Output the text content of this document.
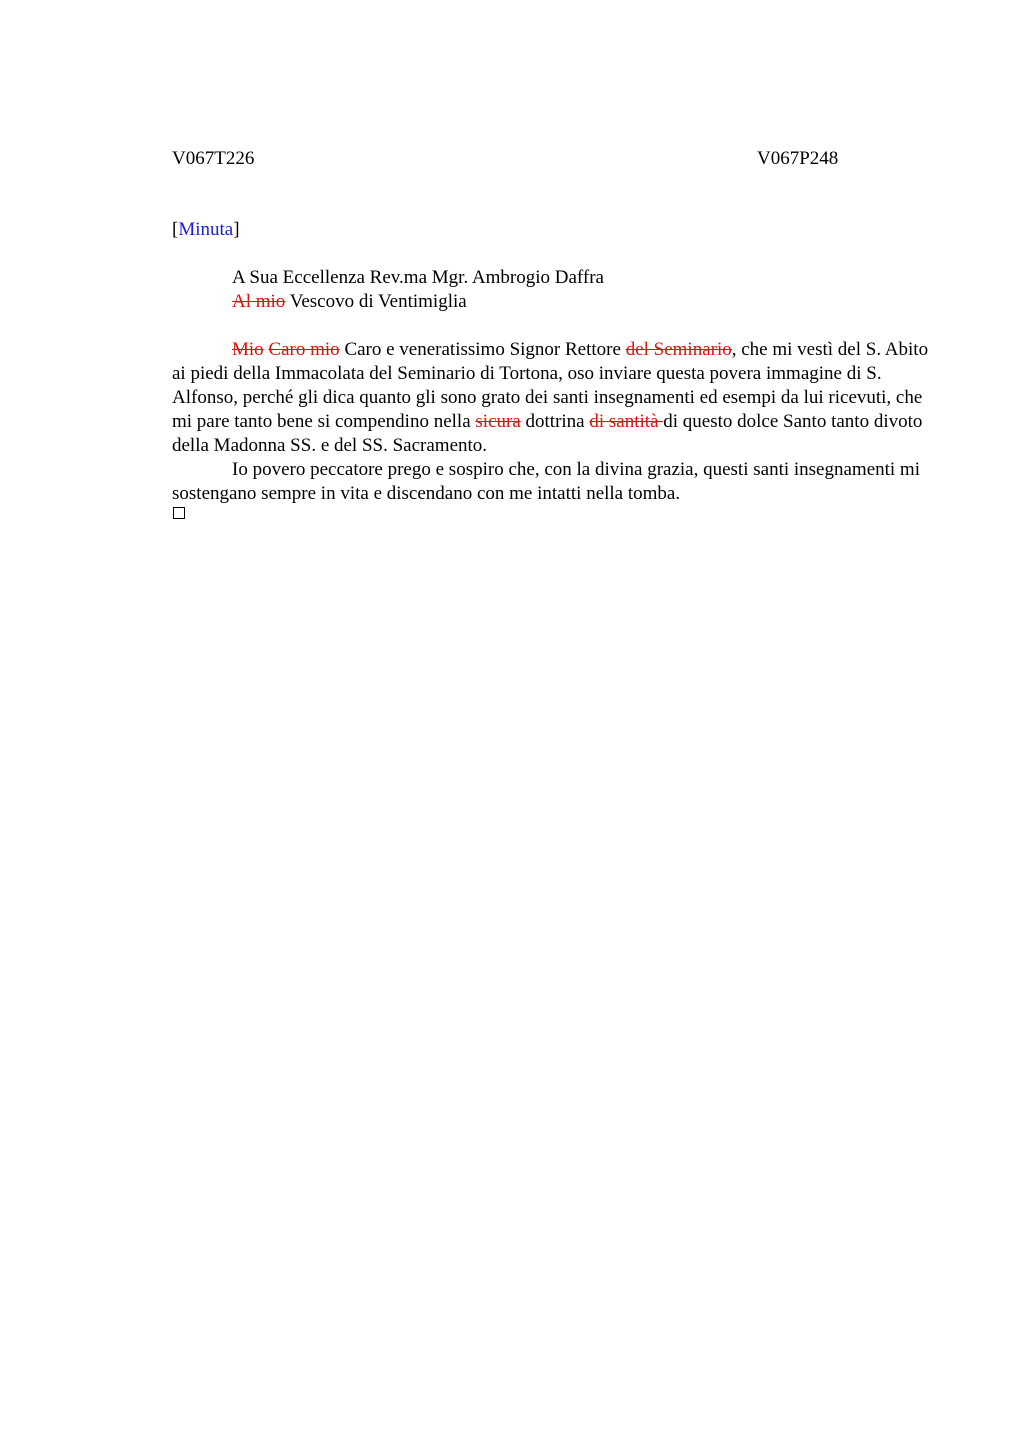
V067T226	V067P248
[Minuta]
A Sua Eccellenza Rev.ma Mgr. Ambrogio Daffra
Al mio Vescovo di Ventimiglia

Mio Caro mio Caro e veneratissimo Signor Rettore del Seminario, che mi vestì del S. Abito ai piedi della Immacolata del Seminario di Tortona, oso inviare questa povera immagine di S. Alfonso, perché gli dica quanto gli sono grato dei santi insegnamenti ed esempi da lui ricevuti, che mi pare tanto bene si compendino nella sicura dottrina di santità di questo dolce Santo tanto divoto della Madonna SS. e del SS. Sacramento.

Io povero peccatore prego e sospiro che, con la divina grazia, questi santi insegnamenti mi sostengano sempre in vita e discendano con me intatti nella tomba.
